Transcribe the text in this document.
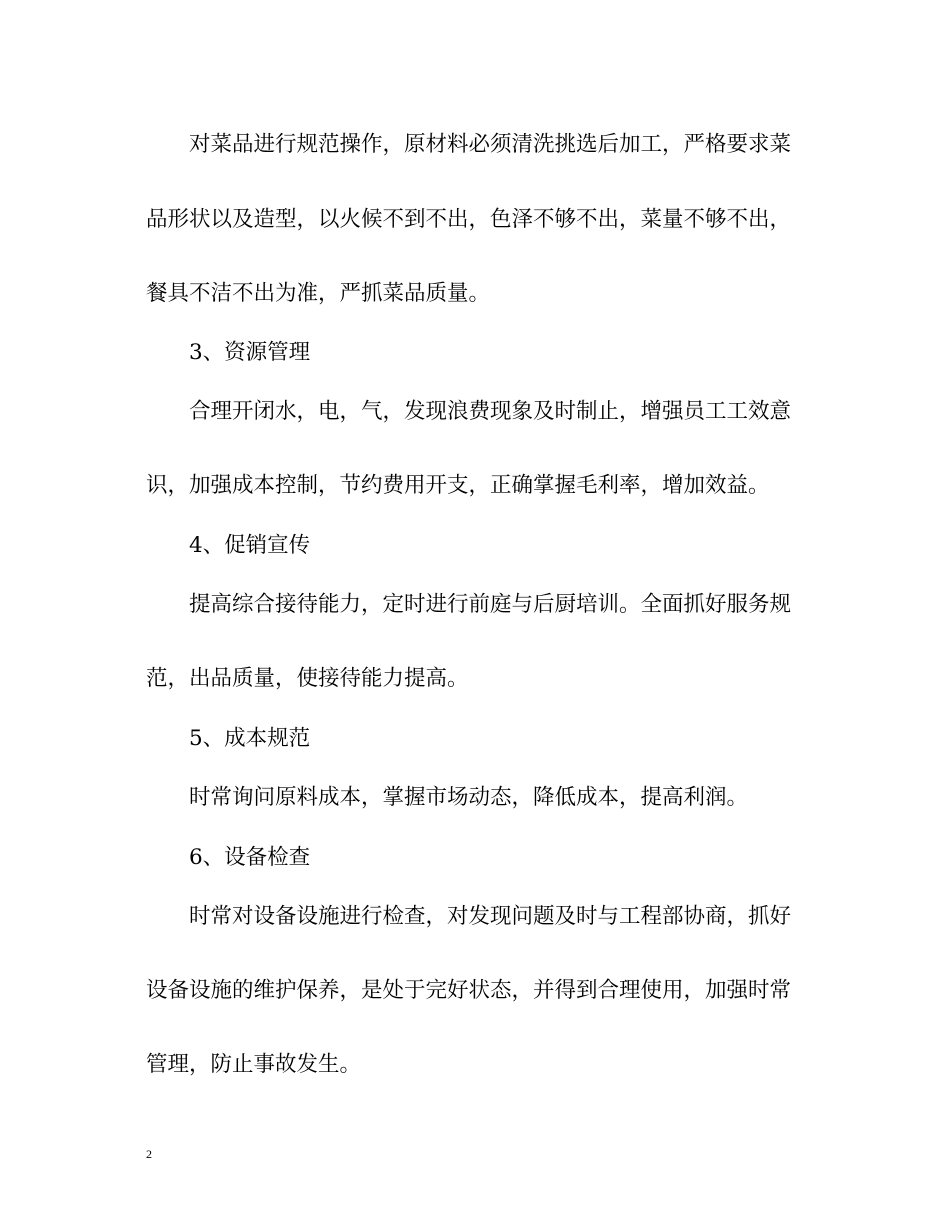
对菜品进行规范操作，原材料必须清洗挑选后加工，严格要求菜
品形状以及造型，以火候不到不出，色泽不够不出，菜量不够不出，
餐具不洁不出为准，严抓菜品质量。
3、资源管理
合理开闭水，电，气，发现浪费现象及时制止，增强员工工效意
识，加强成本控制，节约费用开支，正确掌握毛利率，增加效益。
4、促销宣传
提高综合接待能力，定时进行前庭与后厨培训。全面抓好服务规
范，出品质量，使接待能力提高。
5、成本规范
时常询问原料成本，掌握市场动态，降低成本，提高利润。
6、设备检查
时常对设备设施进行检查，对发现问题及时与工程部协商，抓好
设备设施的维护保养，是处于完好状态，并得到合理使用，加强时常
管理，防止事故发生。
2
